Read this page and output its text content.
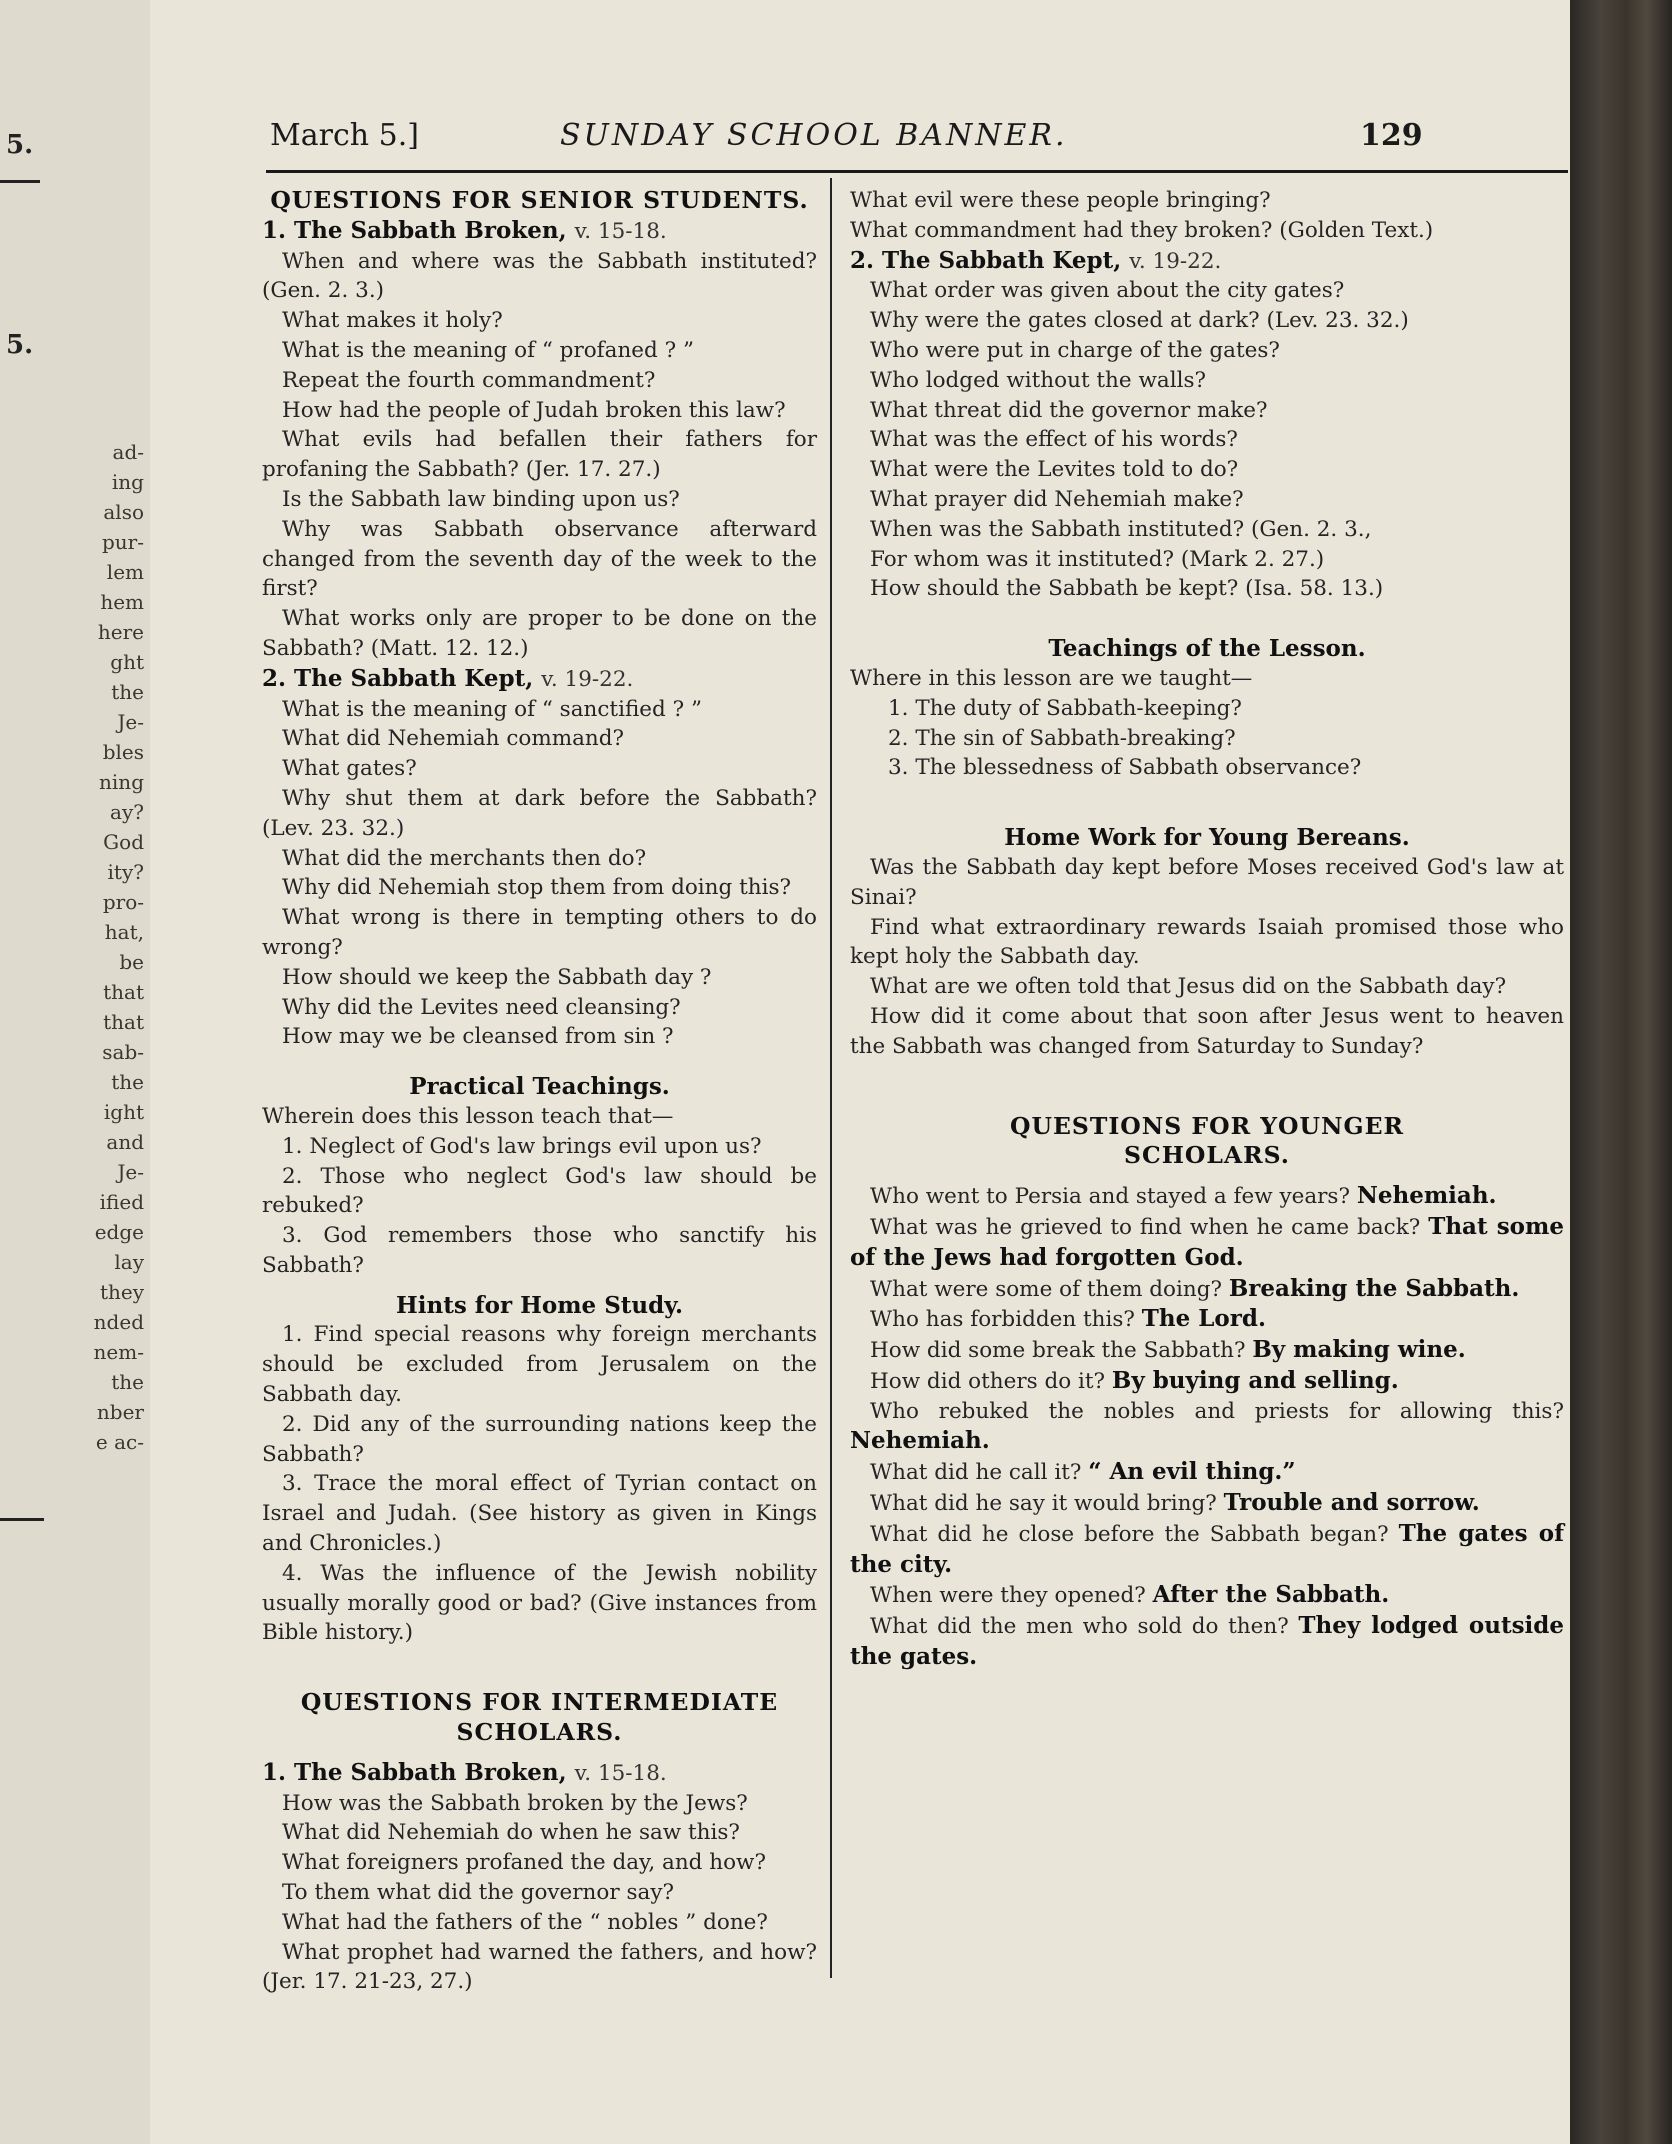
5.
5.
ad-
ing
also
pur-
lem
hem
here
ght
the
Je-
bles
ning
ay?
God
ity?
pro-
hat,
be
that
that
sab-
the
ight
and
Je-
ified
edge
lay
they
nded
nem-
the
nber
e ac-
March 5.]	SUNDAY SCHOOL BANNER.	129
QUESTIONS FOR SENIOR STUDENTS.
1. The Sabbath Broken, v. 15-18.

When and where was the Sabbath instituted? (Gen. 2. 3.)

What makes it holy?

What is the meaning of “ profaned ? ”

Repeat the fourth commandment?

How had the people of Judah broken this law?

What evils had befallen their fathers for profaning the Sabbath? (Jer. 17. 27.)

Is the Sabbath law binding upon us?

Why was Sabbath observance afterward changed from the seventh day of the week to the first?

What works only are proper to be done on the Sabbath? (Matt. 12. 12.)

2. The Sabbath Kept, v. 19-22.

What is the meaning of “ sanctified ? ”

What did Nehemiah command?

What gates?

Why shut them at dark before the Sabbath? (Lev. 23. 32.)

What did the merchants then do?

Why did Nehemiah stop them from doing this?

What wrong is there in tempting others to do wrong?

How should we keep the Sabbath day ?

Why did the Levites need cleansing?

How may we be cleansed from sin ?

Practical Teachings.

Wherein does this lesson teach that—

1. Neglect of God's law brings evil upon us?

2. Those who neglect God's law should be rebuked?

3. God remembers those who sanctify his Sabbath?

Hints for Home Study.

1. Find special reasons why foreign merchants should be excluded from Jerusalem on the Sabbath day.

2. Did any of the surrounding nations keep the Sabbath?

3. Trace the moral effect of Tyrian contact on Israel and Judah. (See history as given in Kings and Chronicles.)

4. Was the influence of the Jewish nobility usually morally good or bad? (Give instances from Bible history.)

QUESTIONS FOR INTERMEDIATE
SCHOLARS.
1. The Sabbath Broken, v. 15-18.

How was the Sabbath broken by the Jews?

What did Nehemiah do when he saw this?

What foreigners profaned the day, and how?

To them what did the governor say?

What had the fathers of the “ nobles ” done?

What prophet had warned the fathers, and how? (Jer. 17. 21-23, 27.)

What evil were these people bringing?

What commandment had they broken? (Golden Text.)

2. The Sabbath Kept, v. 19-22.

What order was given about the city gates?

Why were the gates closed at dark? (Lev. 23. 32.)

Who were put in charge of the gates?

Who lodged without the walls?

What threat did the governor make?

What was the effect of his words?

What were the Levites told to do?

What prayer did Nehemiah make?

When was the Sabbath instituted? (Gen. 2. 3.,

For whom was it instituted? (Mark 2. 27.)

How should the Sabbath be kept? (Isa. 58. 13.)

Teachings of the Lesson.

Where in this lesson are we taught—

1. The duty of Sabbath-keeping?

2. The sin of Sabbath-breaking?

3. The blessedness of Sabbath observance?

Home Work for Young Bereans.

Was the Sabbath day kept before Moses received God's law at Sinai?

Find what extraordinary rewards Isaiah promised those who kept holy the Sabbath day.

What are we often told that Jesus did on the Sabbath day?

How did it come about that soon after Jesus went to heaven the Sabbath was changed from Saturday to Sunday?

QUESTIONS FOR YOUNGER
SCHOLARS.

Who went to Persia and stayed a few years? Nehemiah.

What was he grieved to find when he came back? That some of the Jews had forgotten God.

What were some of them doing? Breaking the Sabbath.

Who has forbidden this? The Lord.

How did some break the Sabbath? By making wine.

How did others do it? By buying and selling.

Who rebuked the nobles and priests for allowing this? Nehemiah.

What did he call it? “ An evil thing.”

What did he say it would bring? Trouble and sorrow.

What did he close before the Sabbath began? The gates of the city.

When were they opened? After the Sabbath.

What did the men who sold do then? They lodged outside the gates.
